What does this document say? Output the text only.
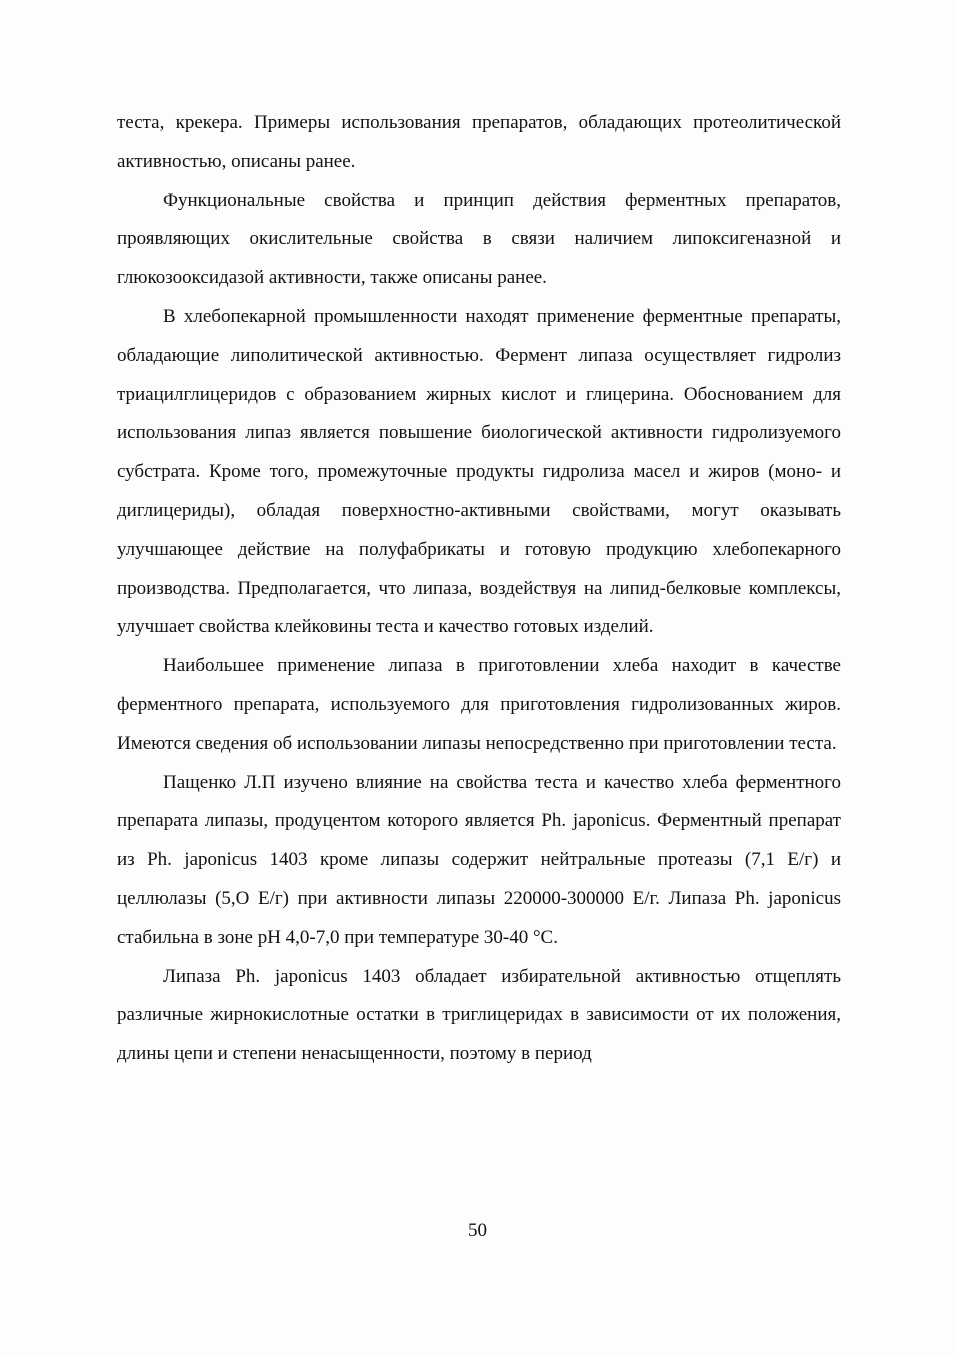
теста, крекера. Примеры использования препаратов, обладающих протеолитической активностью, описаны ранее.

Функциональные свойства и принцип действия ферментных препаратов, проявляющих окислительные свойства в связи наличием липоксигеназной и глюкозооксидазой активности, также описаны ранее.

В хлебопекарной промышленности находят применение ферментные препараты, обладающие липолитической активностью. Фермент липаза осуществляет гидролиз триацилглицеридов с образованием жирных кислот и глицерина. Обоснованием для использования липаз является повышение биологической активности гидролизуемого субстрата. Кроме того, промежуточные продукты гидролиза масел и жиров (моно- и диглицериды), обладая поверхностно-активными свойствами, могут оказывать улучшающее действие на полуфабрикаты и готовую продукцию хлебопекарного производства. Предполагается, что липаза, воздействуя на липид-белковые комплексы, улучшает свойства клейковины теста и качество готовых изделий.

Наибольшее применение липаза в приготовлении хлеба находит в качестве ферментного препарата, используемого для приготовления гидролизованных жиров. Имеются сведения об использовании липазы непосредственно при приготовлении теста.

Пащенко Л.П изучено влияние на свойства теста и качество хлеба ферментного препарата липазы, продуцентом которого является Ph. japonicus. Ферментный препарат из Ph. japonicus 1403 кроме липазы содержит нейтральные протеазы (7,1 Е/г) и целлюлазы (5,О Е/г) при активности липазы 220000-300000 Е/г. Липаза Ph. japonicus стабильна в зоне pH 4,0-7,0 при температуре 30-40 °С.

Липаза Ph. japonicus 1403 обладает избирательной активностью отщеплять различные жирнокислотные остатки в триглицеридах в зависимости от их положения, длины цепи и степени ненасыщенности, поэтому в период

50
